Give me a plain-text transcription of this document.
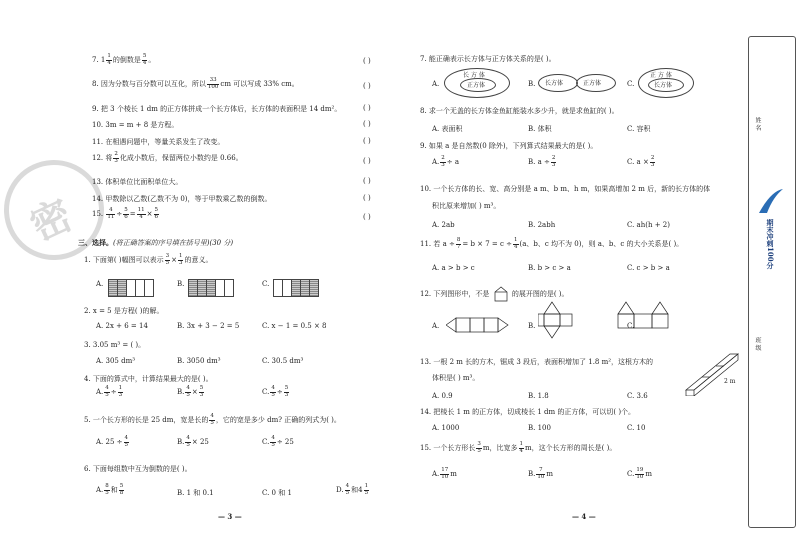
密
7. $1 \frac{1}{4}$ 的倒数是 $\frac{5}{4}$ 。	( )
8. 因为分数与百分数可以互化，所以 $\frac{33}{100}$ cm 可以写成 33% cm。	( )
9. 把 3 个棱长 1 dm 的正方体拼成一个长方体后，长方体的表面积是 14 dm²。	( )
10. 3m = m + 8 是方程。	( )
11. 在相遇问题中，等量关系发生了改变。	( )
12. 将 $\frac{2}{3}$ 化成小数后，保留两位小数约是 0.66。	( )
13. 体积单位比面积单位大。	( )
14. 甲数除以乙数(乙数不为 0)，等于甲数乘乙数的倒数。	( )
15. $\frac{4}{11} \div \frac{5}{6} = \frac{11}{4} \times \frac{5}{6}$	( )
三、选择。(将正确答案的序号填在括号里)(30 分)
1. 下面第( )幅图可以表示 $\frac{3}{5} \times \frac{1}{3}$ 的意义。
A.	B.	C.
2. x = 5 是方程( )的解。
A. 2x + 6 = 14	B. 3x + 3 − 2 = 5	C. x − 1 = 0.5 × 8
3. 3.05 m³ = ( )。
A. 305 dm³	B. 3050 dm³	C. 30.5 dm³
4. 下面的算式中，计算结果最大的是( )。
A. $\frac{4}{5} \div \frac{1}{3}$	B. $\frac{4}{5} \times \frac{5}{3}$	C. $\frac{4}{5} \div \frac{5}{3}$
5. 一个长方形的长是 25 dm，宽是长的 $\frac{4}{5}$ ，它的宽是多少 dm? 正确的列式为( )。
A. $25 \div \frac{4}{5}$	B. $\frac{4}{5} \times 25$	C. $\frac{4}{5} \div 25$
6. 下面每组数中互为倒数的是( )。
A. $\frac{8}{5}$ 和 $\frac{5}{8}$	B. 1 和 0.1	C. 0 和 1	D. $\frac{4}{5}$ 和$4 \frac{1}{5}$
— 3 —
7. 能正确表示长方体与正方体关系的是( )。
A.
长 方 体
正方体	B. 长方体	正方体	C.
正 方 体
长方体
8. 求一个无盖的长方体金鱼缸能装水多少升，就是求鱼缸的( )。
A. 表面积	B. 体积	C. 容积
9. 如果 a 是自然数(0 除外)，下列算式结果最大的是( )。
A. $\frac{2}{3} \div a$	B. $a \div \frac{2}{3}$	C. $a \times \frac{2}{3}$
10. 一个长方体的长、宽、高分别是 a m、b m、h m，如果高增加 2 m 后，新的长方体的体
积比原来增加( ) m³。
A. 2ab	B. 2abh	C. ah(h + 2)
11. 若 $a \div \frac{8}{7} = b \times 7 = c \div \frac{1}{4} (a$、b、c 均不为 0)，则 a、b、c 的大小关系是( )。
A. a > b > c	B. b > c > a	C. c > b > a
12. 下列图形中，不是	的展开图的是( )。
A.	B.	C.
13. 一根 2 m 长的方木，锯成 3 段后，表面积增加了 1.8 m²，这根方木的
体积是( ) m³。
A. 0.9	B. 1.8	C. 3.6
2 m
14. 把棱长 1 m 的正方体，切成棱长 1 dm 的正方体，可以切( )个。
A. 1000	B. 100	C. 10
15. 一个长方形长 $\frac{3}{5}$ m，比宽多 $\frac{1}{4}$ m，这个长方形的周长是( )。
A. $\frac{17}{10}$ m	B. $\frac{7}{10}$ m	C. $\frac{19}{10}$ m
— 4 —
期末冲刺100分
姓 名
班 级
